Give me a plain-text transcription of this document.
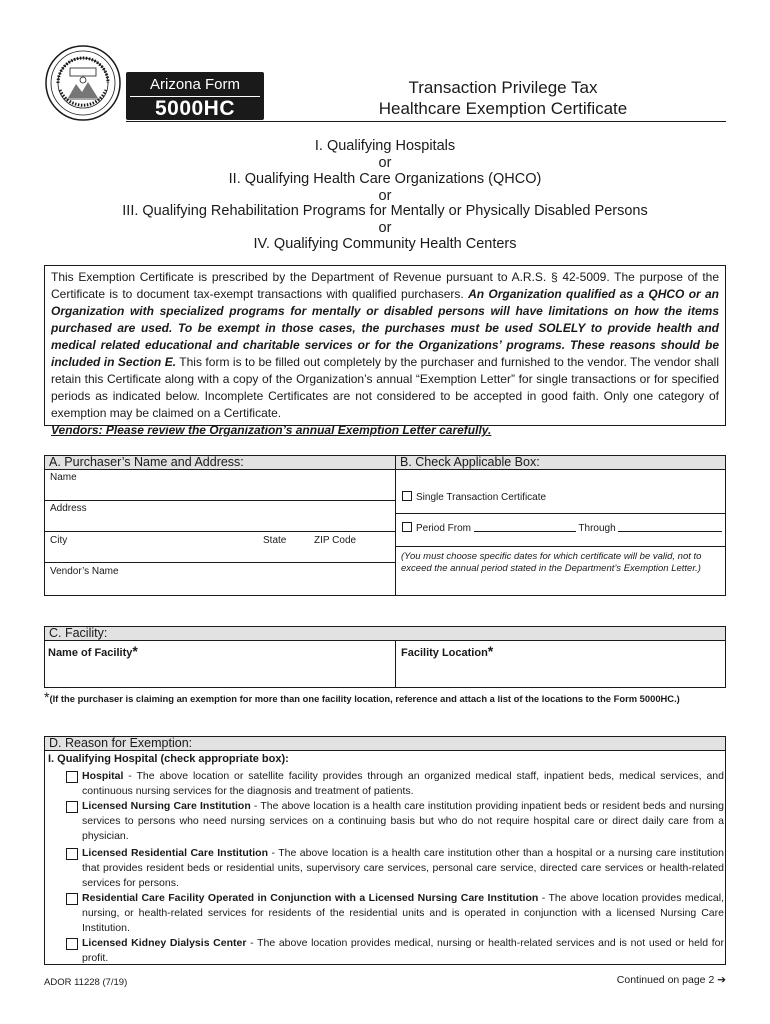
Arizona Form
5000HC
Transaction Privilege Tax
Healthcare Exemption Certificate
I. Qualifying Hospitals
or
II. Qualifying Health Care Organizations (QHCO)
or
III. Qualifying Rehabilitation Programs for Mentally or Physically Disabled Persons
or
IV. Qualifying Community Health Centers
This Exemption Certificate is prescribed by the Department of Revenue pursuant to A.R.S. § 42-5009. The purpose of the Certificate is to document tax-exempt transactions with qualified purchasers. An Organization qualified as a QHCO or an Organization with specialized programs for mentally or disabled persons will have limitations on how the items purchased are used. To be exempt in those cases, the purchases must be used SOLELY to provide health and medical related educational and charitable services or for the Organizations’ programs. These reasons should be included in Section E. This form is to be filled out completely by the purchaser and furnished to the vendor. The vendor shall retain this Certificate along with a copy of the Organization’s annual “Exemption Letter” for single transactions or for specified periods as indicated below. Incomplete Certificates are not considered to be accepted in good faith. Only one category of exemption may be claimed on a Certificate.
Vendors: Please review the Organization’s annual Exemption Letter carefully.
A. Purchaser’s Name and Address:	B. Check Applicable Box:
Name
Address
City	State	ZIP Code
Vendor’s Name
Single Transaction Certificate
Period From	Through
(You must choose specific dates for which certificate will be valid, not to exceed the annual period stated in the Department’s Exemption Letter.)
C. Facility:
Name of Facility*	Facility Location*
*(If the purchaser is claiming an exemption for more than one facility location, reference and attach a list of the locations to the Form 5000HC.)
D. Reason for Exemption:
I. Qualifying Hospital (check appropriate box):
Hospital - The above location or satellite facility provides through an organized medical staff, inpatient beds, medical services, and continuous nursing services for the diagnosis and treatment of patients.
Licensed Nursing Care Institution - The above location is a health care institution providing inpatient beds or resident beds and nursing services to persons who need nursing services on a continuing basis but who do not require hospital care or direct daily care from a physician.
Licensed Residential Care Institution - The above location is a health care institution other than a hospital or a nursing care institution that provides resident beds or residential units, supervisory care services, personal care service, directed care services or health-related services for persons.
Residential Care Facility Operated in Conjunction with a Licensed Nursing Care Institution - The above location provides medical, nursing, or health-related services for residents of the residential units and is operated in conjunction with a licensed Nursing Care Institution.
Licensed Kidney Dialysis Center - The above location provides medical, nursing or health-related services and is not used or held for profit.
ADOR 11228 (7/19)	Continued on page 2 ➔
